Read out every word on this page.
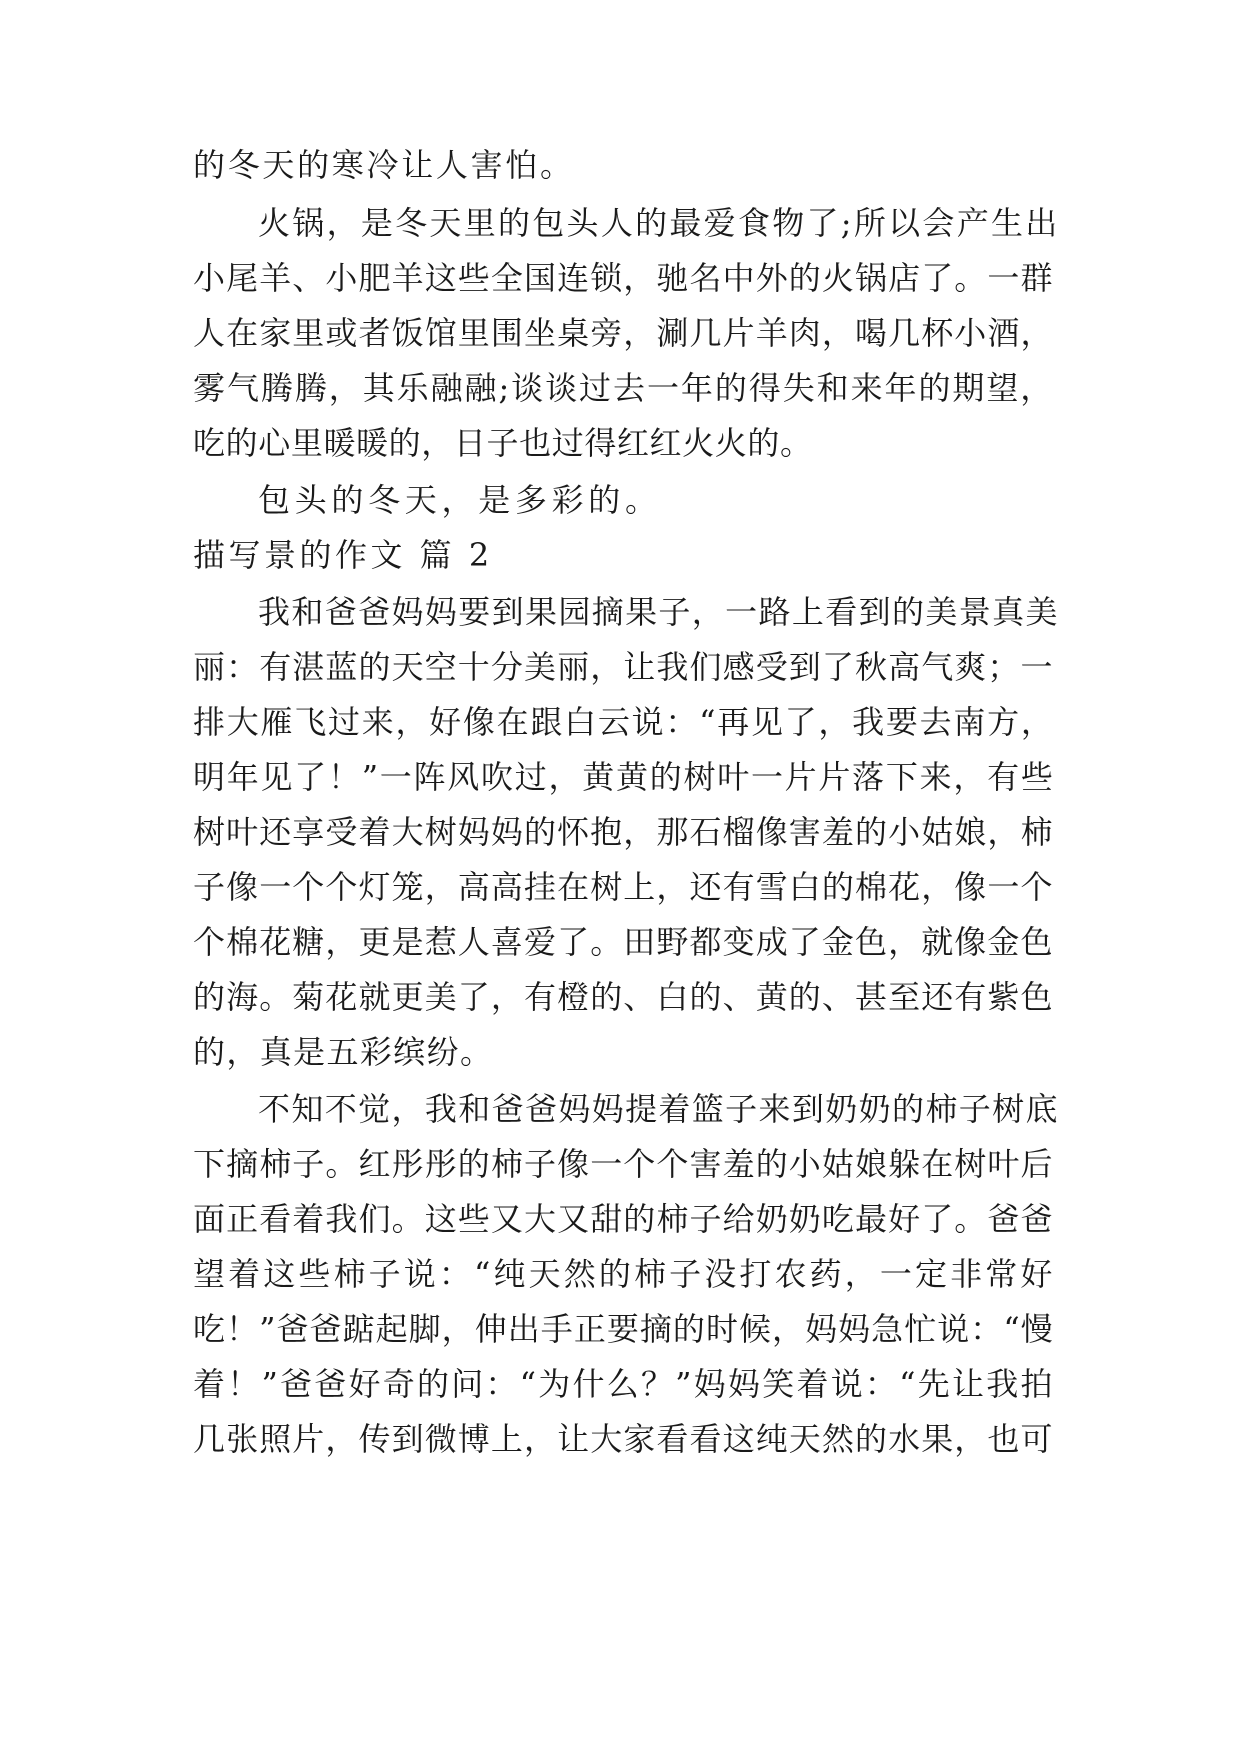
的冬天的寒冷让人害怕。
火锅，是冬天里的包头人的最爱食物了;所以会产生出
小尾羊、小肥羊这些全国连锁，驰名中外的火锅店了。一群
人在家里或者饭馆里围坐桌旁，涮几片羊肉，喝几杯小酒，
雾气腾腾，其乐融融;谈谈过去一年的得失和来年的期望，
吃的心里暖暖的，日子也过得红红火火的。
包头的冬天，是多彩的。
描写景的作文 篇 2
我和爸爸妈妈要到果园摘果子，一路上看到的美景真美
丽：有湛蓝的天空十分美丽，让我们感受到了秋高气爽；一
排大雁飞过来，好像在跟白云说：“再见了，我要去南方，
明年见了！”一阵风吹过，黄黄的树叶一片片落下来，有些
树叶还享受着大树妈妈的怀抱，那石榴像害羞的小姑娘，柿
子像一个个灯笼，高高挂在树上，还有雪白的棉花，像一个
个棉花糖，更是惹人喜爱了。田野都变成了金色，就像金色
的海。菊花就更美了，有橙的、白的、黄的、甚至还有紫色
的，真是五彩缤纷。
不知不觉，我和爸爸妈妈提着篮子来到奶奶的柿子树底
下摘柿子。红彤彤的柿子像一个个害羞的小姑娘躲在树叶后
面正看着我们。这些又大又甜的柿子给奶奶吃最好了。爸爸
望着这些柿子说：“纯天然的柿子没打农药，一定非常好
吃！”爸爸踮起脚，伸出手正要摘的时候，妈妈急忙说：“慢
着！”爸爸好奇的问：“为什么？”妈妈笑着说：“先让我拍
几张照片，传到微博上，让大家看看这纯天然的水果，也可
